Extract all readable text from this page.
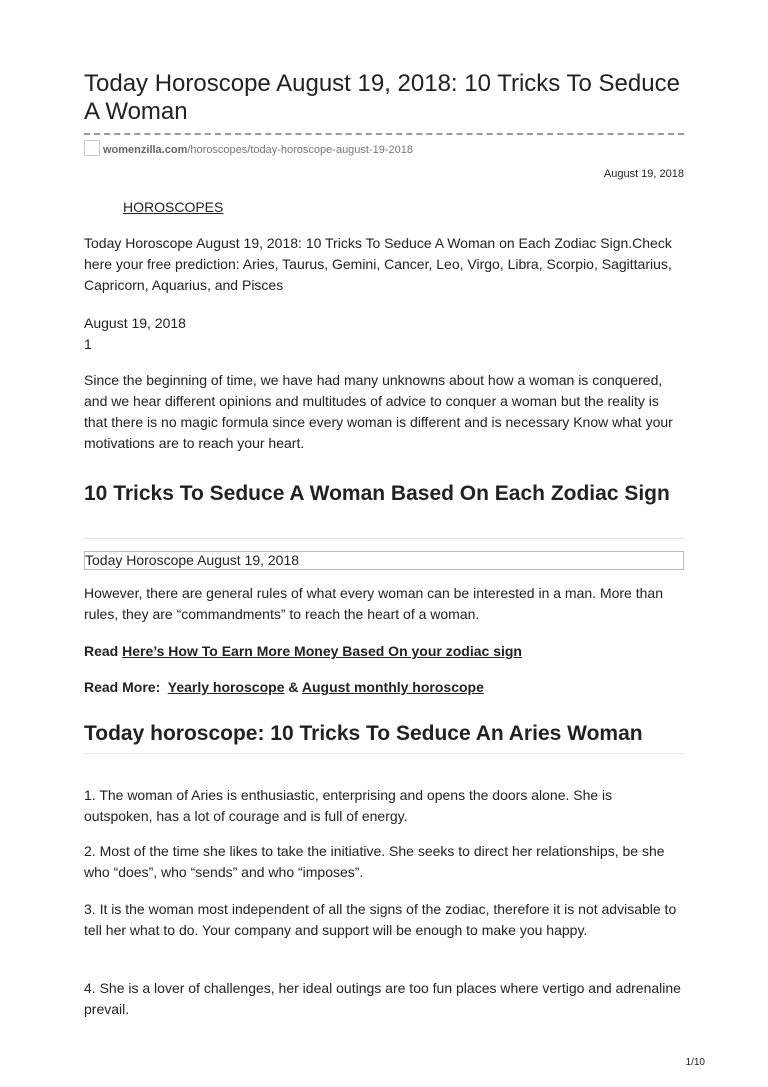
Today Horoscope August 19, 2018: 10 Tricks To Seduce A Woman
womenzilla.com/horoscopes/today-horoscope-august-19-2018
August 19, 2018
HOROSCOPES

Today Horoscope August 19, 2018: 10 Tricks To Seduce A Woman on Each Zodiac Sign.Check here your free prediction: Aries, Taurus, Gemini, Cancer, Leo, Virgo, Libra, Scorpio, Sagittarius, Capricorn, Aquarius, and Pisces

August 19, 2018

1

Since the beginning of time, we have had many unknowns about how a woman is conquered, and we hear different opinions and multitudes of advice to conquer a woman but the reality is that there is no magic formula since every woman is different and is necessary Know what your motivations are to reach your heart.

10 Tricks To Seduce A Woman Based On Each Zodiac Sign
Today Horoscope August 19, 2018

However, there are general rules of what every woman can be interested in a man. More than rules, they are “commandments” to reach the heart of a woman.

Read Here’s How To Earn More Money Based On your zodiac sign
Read More: Yearly horoscope & August monthly horoscope
Today horoscope: 10 Tricks To Seduce An Aries Woman

1. The woman of Aries is enthusiastic, enterprising and opens the doors alone. She is outspoken, has a lot of courage and is full of energy.

2. Most of the time she likes to take the initiative. She seeks to direct her relationships, be she who “does”, who “sends” and who “imposes”.

3. It is the woman most independent of all the signs of the zodiac, therefore it is not advisable to tell her what to do. Your company and support will be enough to make you happy.

4. She is a lover of challenges, her ideal outings are too fun places where vertigo and adrenaline prevail.

1/10
